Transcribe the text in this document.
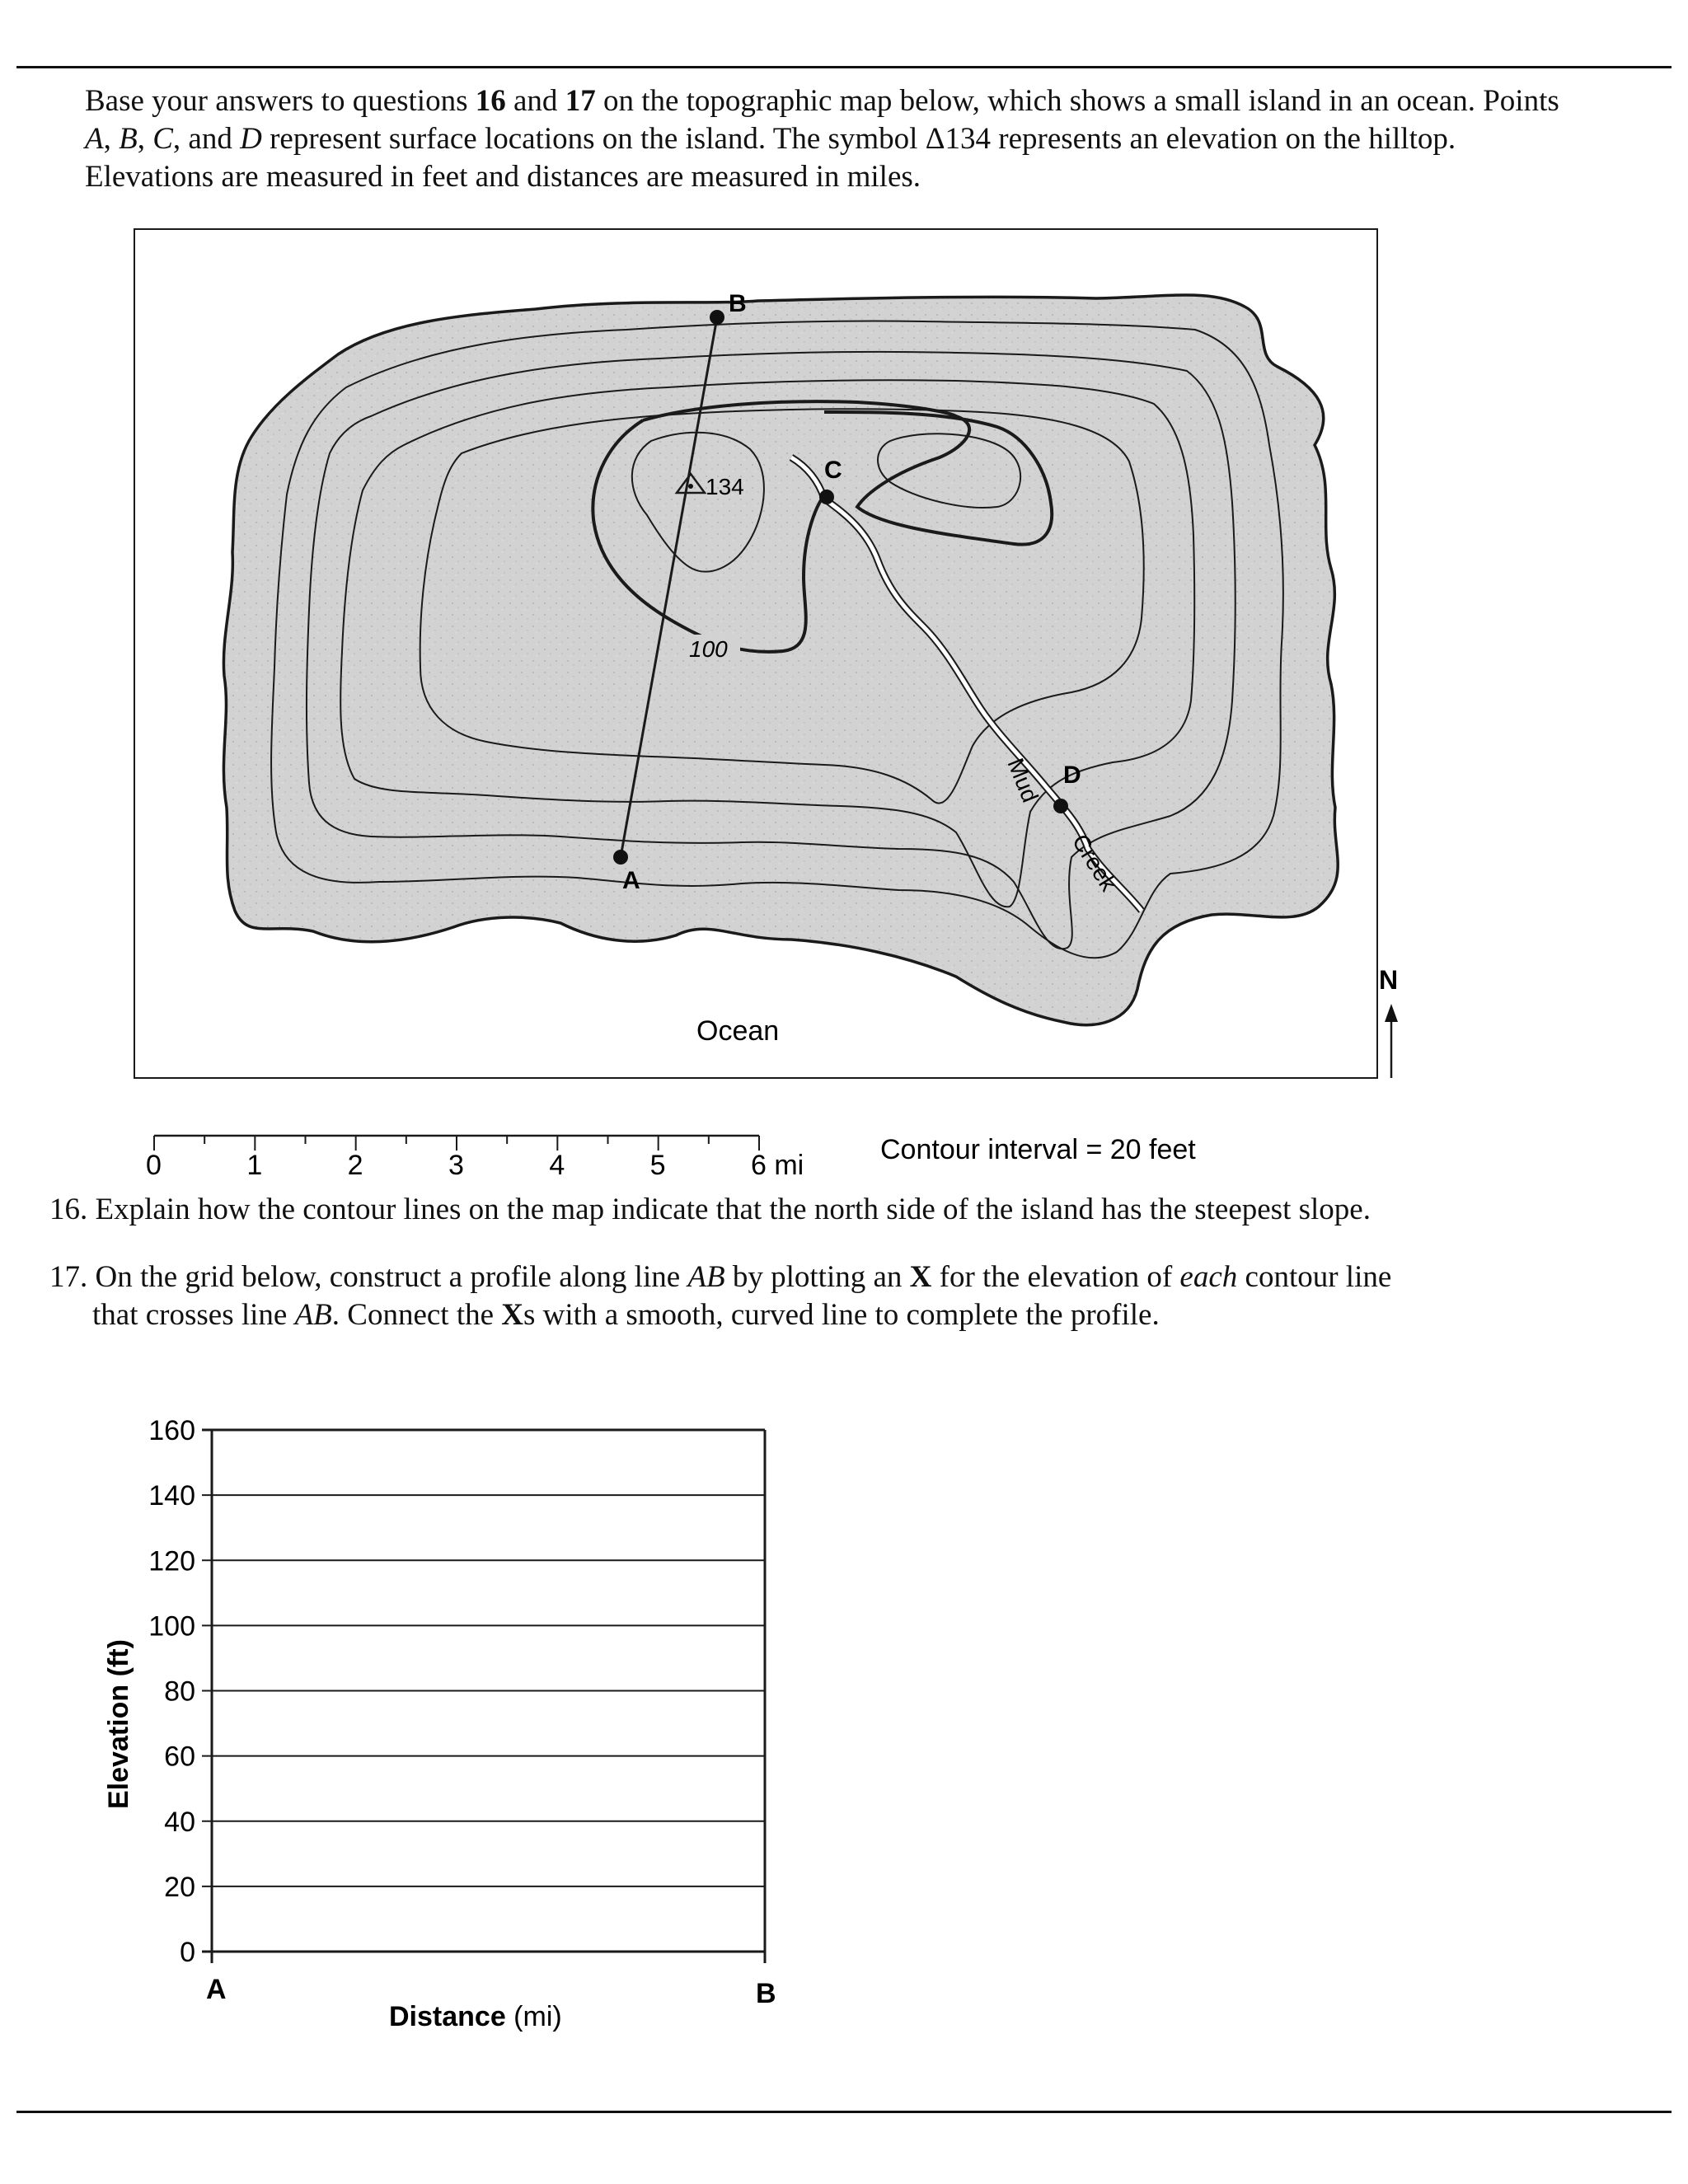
Base your answers to questions 16 and 17 on the topographic map below, which shows a small island in an ocean. Points A, B, C, and D represent surface locations on the island. The symbol Δ134 represents an elevation on the hilltop. Elevations are measured in feet and distances are measured in miles.

B
A
C
D
134
100
Mud
Creek
Ocean
N
0	1	2	3	4	5	6 mi	Contour interval = 20 feet
0
20
40
60
80
100
120
140
160
Elevation (ft)
Distance (mi)
A	B

16. Explain how the contour lines on the map indicate that the north side of the island has the steepest slope.

17. On the grid below, construct a profile along line AB by plotting an X for the elevation of each contour line
that crosses line AB. Connect the Xs with a smooth, curved line to complete the profile.
